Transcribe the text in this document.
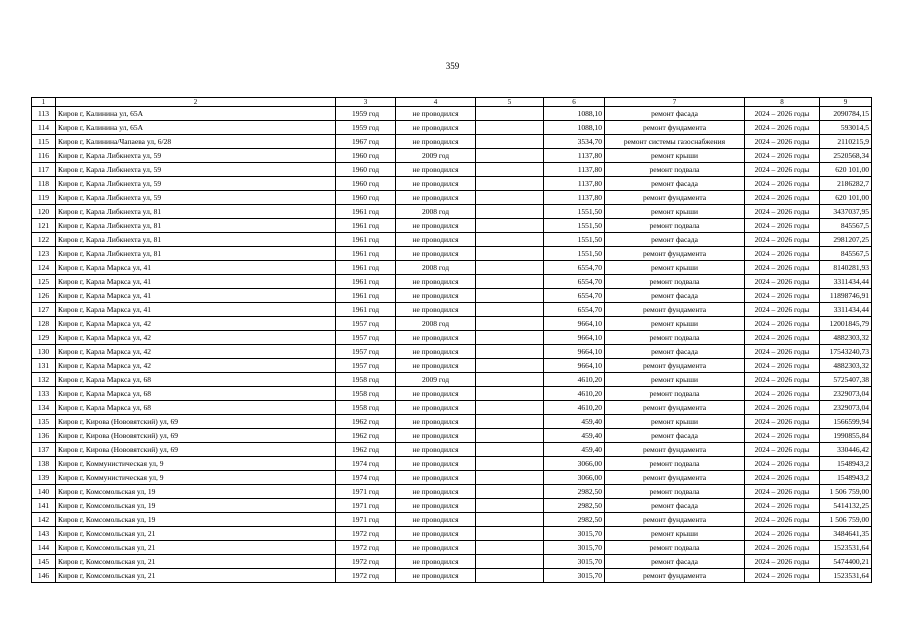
359
1	2	3	4	5	6	7	8	9
113	Киров г, Калинина ул, 65А	1959 год	не проводился		1088,10	ремонт фасада	2024 – 2026 годы	2090784,15
114	Киров г, Калинина ул, 65А	1959 год	не проводился		1088,10	ремонт фундамента	2024 – 2026 годы	593014,5
115	Киров г, Калинина/Чапаева ул, 6/28	1967 год	не проводился		3534,70	ремонт системы газоснабжения	2024 – 2026 годы	2110215,9
116	Киров г, Карла Либкнехта ул, 59	1960 год	2009 год		1137,80	ремонт крыши	2024 – 2026 годы	2520568,34
117	Киров г, Карла Либкнехта ул, 59	1960 год	не проводился		1137,80	ремонт подвала	2024 – 2026 годы	620 101,00
118	Киров г, Карла Либкнехта ул, 59	1960 год	не проводился		1137,80	ремонт фасада	2024 – 2026 годы	2186282,7
119	Киров г, Карла Либкнехта ул, 59	1960 год	не проводился		1137,80	ремонт фундамента	2024 – 2026 годы	620 101,00
120	Киров г, Карла Либкнехта ул, 81	1961 год	2008 год		1551,50	ремонт крыши	2024 – 2026 годы	3437037,95
121	Киров г, Карла Либкнехта ул, 81	1961 год	не проводился		1551,50	ремонт подвала	2024 – 2026 годы	845567,5
122	Киров г, Карла Либкнехта ул, 81	1961 год	не проводился		1551,50	ремонт фасада	2024 – 2026 годы	2981207,25
123	Киров г, Карла Либкнехта ул, 81	1961 год	не проводился		1551,50	ремонт фундамента	2024 – 2026 годы	845567,5
124	Киров г, Карла Маркса ул, 41	1961 год	2008 год		6554,70	ремонт крыши	2024 – 2026 годы	8140281,93
125	Киров г, Карла Маркса ул, 41	1961 год	не проводился		6554,70	ремонт подвала	2024 – 2026 годы	3311434,44
126	Киров г, Карла Маркса ул, 41	1961 год	не проводился		6554,70	ремонт фасада	2024 – 2026 годы	11898746,91
127	Киров г, Карла Маркса ул, 41	1961 год	не проводился		6554,70	ремонт фундамента	2024 – 2026 годы	3311434,44
128	Киров г, Карла Маркса ул, 42	1957 год	2008 год		9664,10	ремонт крыши	2024 – 2026 годы	12001845,79
129	Киров г, Карла Маркса ул, 42	1957 год	не проводился		9664,10	ремонт подвала	2024 – 2026 годы	4882303,32
130	Киров г, Карла Маркса ул, 42	1957 год	не проводился		9664,10	ремонт фасада	2024 – 2026 годы	17543240,73
131	Киров г, Карла Маркса ул, 42	1957 год	не проводился		9664,10	ремонт фундамента	2024 – 2026 годы	4882303,32
132	Киров г, Карла Маркса ул, 68	1958 год	2009 год		4610,20	ремонт крыши	2024 – 2026 годы	5725407,38
133	Киров г, Карла Маркса ул, 68	1958 год	не проводился		4610,20	ремонт подвала	2024 – 2026 годы	2329073,04
134	Киров г, Карла Маркса ул, 68	1958 год	не проводился		4610,20	ремонт фундамента	2024 – 2026 годы	2329073,04
135	Киров г, Кирова (Нововятский) ул, 69	1962 год	не проводился		459,40	ремонт крыши	2024 – 2026 годы	1566599,94
136	Киров г, Кирова (Нововятский) ул, 69	1962 год	не проводился		459,40	ремонт фасада	2024 – 2026 годы	1990855,84
137	Киров г, Кирова (Нововятский) ул, 69	1962 год	не проводился		459,40	ремонт фундамента	2024 – 2026 годы	330446,42
138	Киров г, Коммунистическая ул, 9	1974 год	не проводился		3066,00	ремонт подвала	2024 – 2026 годы	1548943,2
139	Киров г, Коммунистическая ул, 9	1974 год	не проводился		3066,00	ремонт фундамента	2024 – 2026 годы	1548943,2
140	Киров г, Комсомольская ул, 19	1971 год	не проводился		2982,50	ремонт подвала	2024 – 2026 годы	1 506 759,00
141	Киров г, Комсомольская ул, 19	1971 год	не проводился		2982,50	ремонт фасада	2024 – 2026 годы	5414132,25
142	Киров г, Комсомольская ул, 19	1971 год	не проводился		2982,50	ремонт фундамента	2024 – 2026 годы	1 506 759,00
143	Киров г, Комсомольская ул, 21	1972 год	не проводился		3015,70	ремонт крыши	2024 – 2026 годы	3484641,35
144	Киров г, Комсомольская ул, 21	1972 год	не проводился		3015,70	ремонт подвала	2024 – 2026 годы	1523531,64
145	Киров г, Комсомольская ул, 21	1972 год	не проводился		3015,70	ремонт фасада	2024 – 2026 годы	5474400,21
146	Киров г, Комсомольская ул, 21	1972 год	не проводился		3015,70	ремонт фундамента	2024 – 2026 годы	1523531,64
